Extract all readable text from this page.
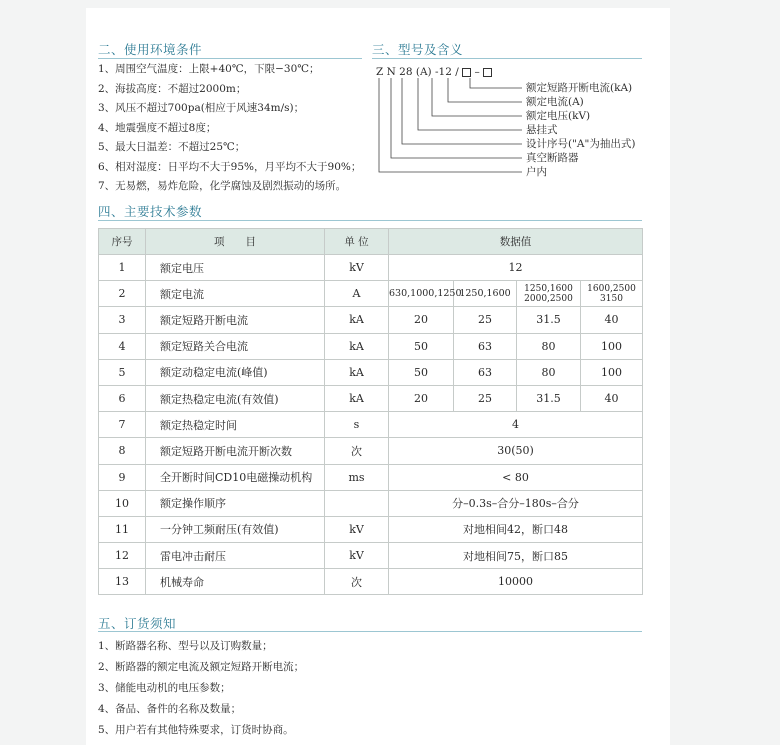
二、使用环境条件
1、周围空气温度：上限+40℃，下限−30℃；
2、海拔高度：不超过2000m；
3、风压不超过700pa(相应于风速34m/s)；
4、地震强度不超过8度；
5、最大日温差：不超过25℃；
6、相对湿度：日平均不大于95%，月平均不大于90%；
7、无易燃，易炸危险，化学腐蚀及剧烈振动的场所。
三、型号及含义
Z N 28 (A) -12 / –
额定短路开断电流(kA)
额定电流(A)
额定电压(kV)
悬挂式
设计序号("A"为抽出式)
真空断路器
户内
四、主要技术参数
序号	项　　目	单 位	数据值			
1	额定电压	kV	12			
2	额定电流	A	630,1000,1250	1250,1600	1250,1600 2000,2500	1600,2500 3150
3	额定短路开断电流	kA	20	25	31.5	40
4	额定短路关合电流	kA	50	63	80	100
5	额定动稳定电流(峰值)	kA	50	63	80	100
6	额定热稳定电流(有效值)	kA	20	25	31.5	40
7	额定热稳定时间	s	4			
8	额定短路开断电流开断次数	次	30(50)			
9	全开断时间CD10电磁操动机构	ms	< 80			
10	额定操作顺序		分–0.3s–合分–180s–合分			
11	一分钟工频耐压(有效值)	kV	对地相间42，断口48			
12	雷电冲击耐压	kV	对地相间75，断口85			
13	机械寿命	次	10000			
五、订货须知
1、断路器名称、型号以及订购数量；
2、断路器的额定电流及额定短路开断电流；
3、储能电动机的电压参数；
4、备品、备件的名称及数量；
5、用户若有其他特殊要求，订货时协商。
